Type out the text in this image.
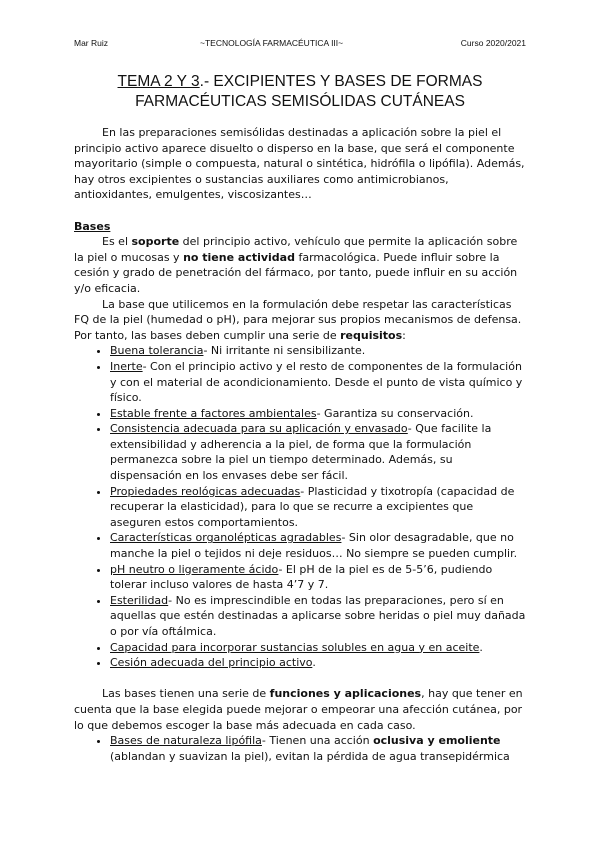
Mar Ruiz	~TECNOLOGÍA FARMACÉUTICA III~	Curso 2020/2021
TEMA 2 Y 3.- EXCIPIENTES Y BASES DE FORMAS
FARMACÉUTICAS SEMISÓLIDAS CUTÁNEAS

En las preparaciones semisólidas destinadas a aplicación sobre la piel el principio activo aparece disuelto o disperso en la base, que será el componente mayoritario (simple o compuesta, natural o sintética, hidrófila o lipófila). Además, hay otros excipientes o sustancias auxiliares como antimicrobianos, antioxidantes, emulgentes, viscosizantes…

Bases

Es el soporte del principio activo, vehículo que permite la aplicación sobre la piel o mucosas y no tiene actividad farmacológica. Puede influir sobre la cesión y grado de penetración del fármaco, por tanto, puede influir en su acción y/o eficacia.

La base que utilicemos en la formulación debe respetar las características FQ de la piel (humedad o pH), para mejorar sus propios mecanismos de defensa. Por tanto, las bases deben cumplir una serie de requisitos:

• Buena tolerancia- Ni irritante ni sensibilizante.
• Inerte- Con el principio activo y el resto de componentes de la formulación y con el material de acondicionamiento. Desde el punto de vista químico y físico.
• Estable frente a factores ambientales- Garantiza su conservación.
• Consistencia adecuada para su aplicación y envasado- Que facilite la extensibilidad y adherencia a la piel, de forma que la formulación permanezca sobre la piel un tiempo determinado. Además, su dispensación en los envases debe ser fácil.
• Propiedades reológicas adecuadas- Plasticidad y tixotropía (capacidad de recuperar la elasticidad), para lo que se recurre a excipientes que aseguren estos comportamientos.
• Características organolépticas agradables- Sin olor desagradable, que no manche la piel o tejidos ni deje residuos… No siempre se pueden cumplir.
• pH neutro o ligeramente ácido- El pH de la piel es de 5-5’6, pudiendo tolerar incluso valores de hasta 4’7 y 7.
• Esterilidad- No es imprescindible en todas las preparaciones, pero sí en aquellas que estén destinadas a aplicarse sobre heridas o piel muy dañada o por vía oftálmica.
• Capacidad para incorporar sustancias solubles en agua y en aceite.
• Cesión adecuada del principio activo.

Las bases tienen una serie de funciones y aplicaciones, hay que tener en cuenta que la base elegida puede mejorar o empeorar una afección cutánea, por lo que debemos escoger la base más adecuada en cada caso.

• Bases de naturaleza lipófila- Tienen una acción oclusiva y emoliente (ablandan y suavizan la piel), evitan la pérdida de agua transepidérmica
